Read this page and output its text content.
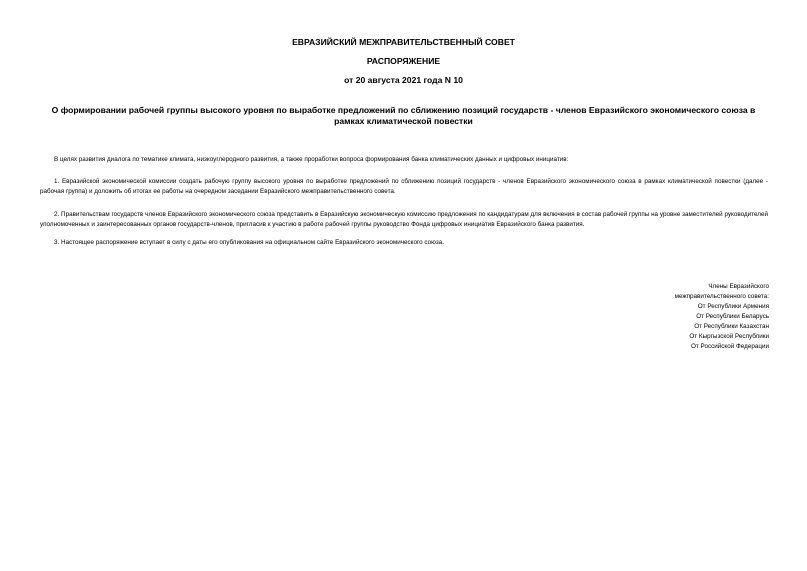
ЕВРАЗИЙСКИЙ МЕЖПРАВИТЕЛЬСТВЕННЫЙ СОВЕТ
РАСПОРЯЖЕНИЕ
от 20 августа 2021 года N 10
О формировании рабочей группы высокого уровня по выработке предложений по сближению позиций государств - членов Евразийского экономического союза в рамках климатической повестки

В целях развития диалога по тематике климата, низкоуглеродного развития, а также проработки вопроса формирования банка климатических данных и цифровых инициатив:

1. Евразийской экономической комиссии создать рабочую группу высокого уровня по выработке предложений по сближению позиций государств - членов Евразийского экономического союза в рамках климатической повестки (далее - рабочая группа) и доложить об итогах ее работы на очередном заседании Евразийского межправительственного совета.

2. Правительствам государств членов Евразийского экономического союза представить в Евразийскую экономическую комиссию предложения по кандидатурам для включения в состав рабочей группы на уровне заместителей руководителей уполномоченных и заинтересованных органов государств-членов, пригласив к участию в работе рабочей группы руководство Фонда цифровых инициатив Евразийского банка развития.

3. Настоящее распоряжение вступает в силу с даты его опубликования на официальном сайте Евразийского экономического союза.

Члены Евразийского
межправительственного совета:
От Республики Армения
От Республики Беларусь
От Республики Казахстан
От Кыргызской Республики
От Российской Федерации
